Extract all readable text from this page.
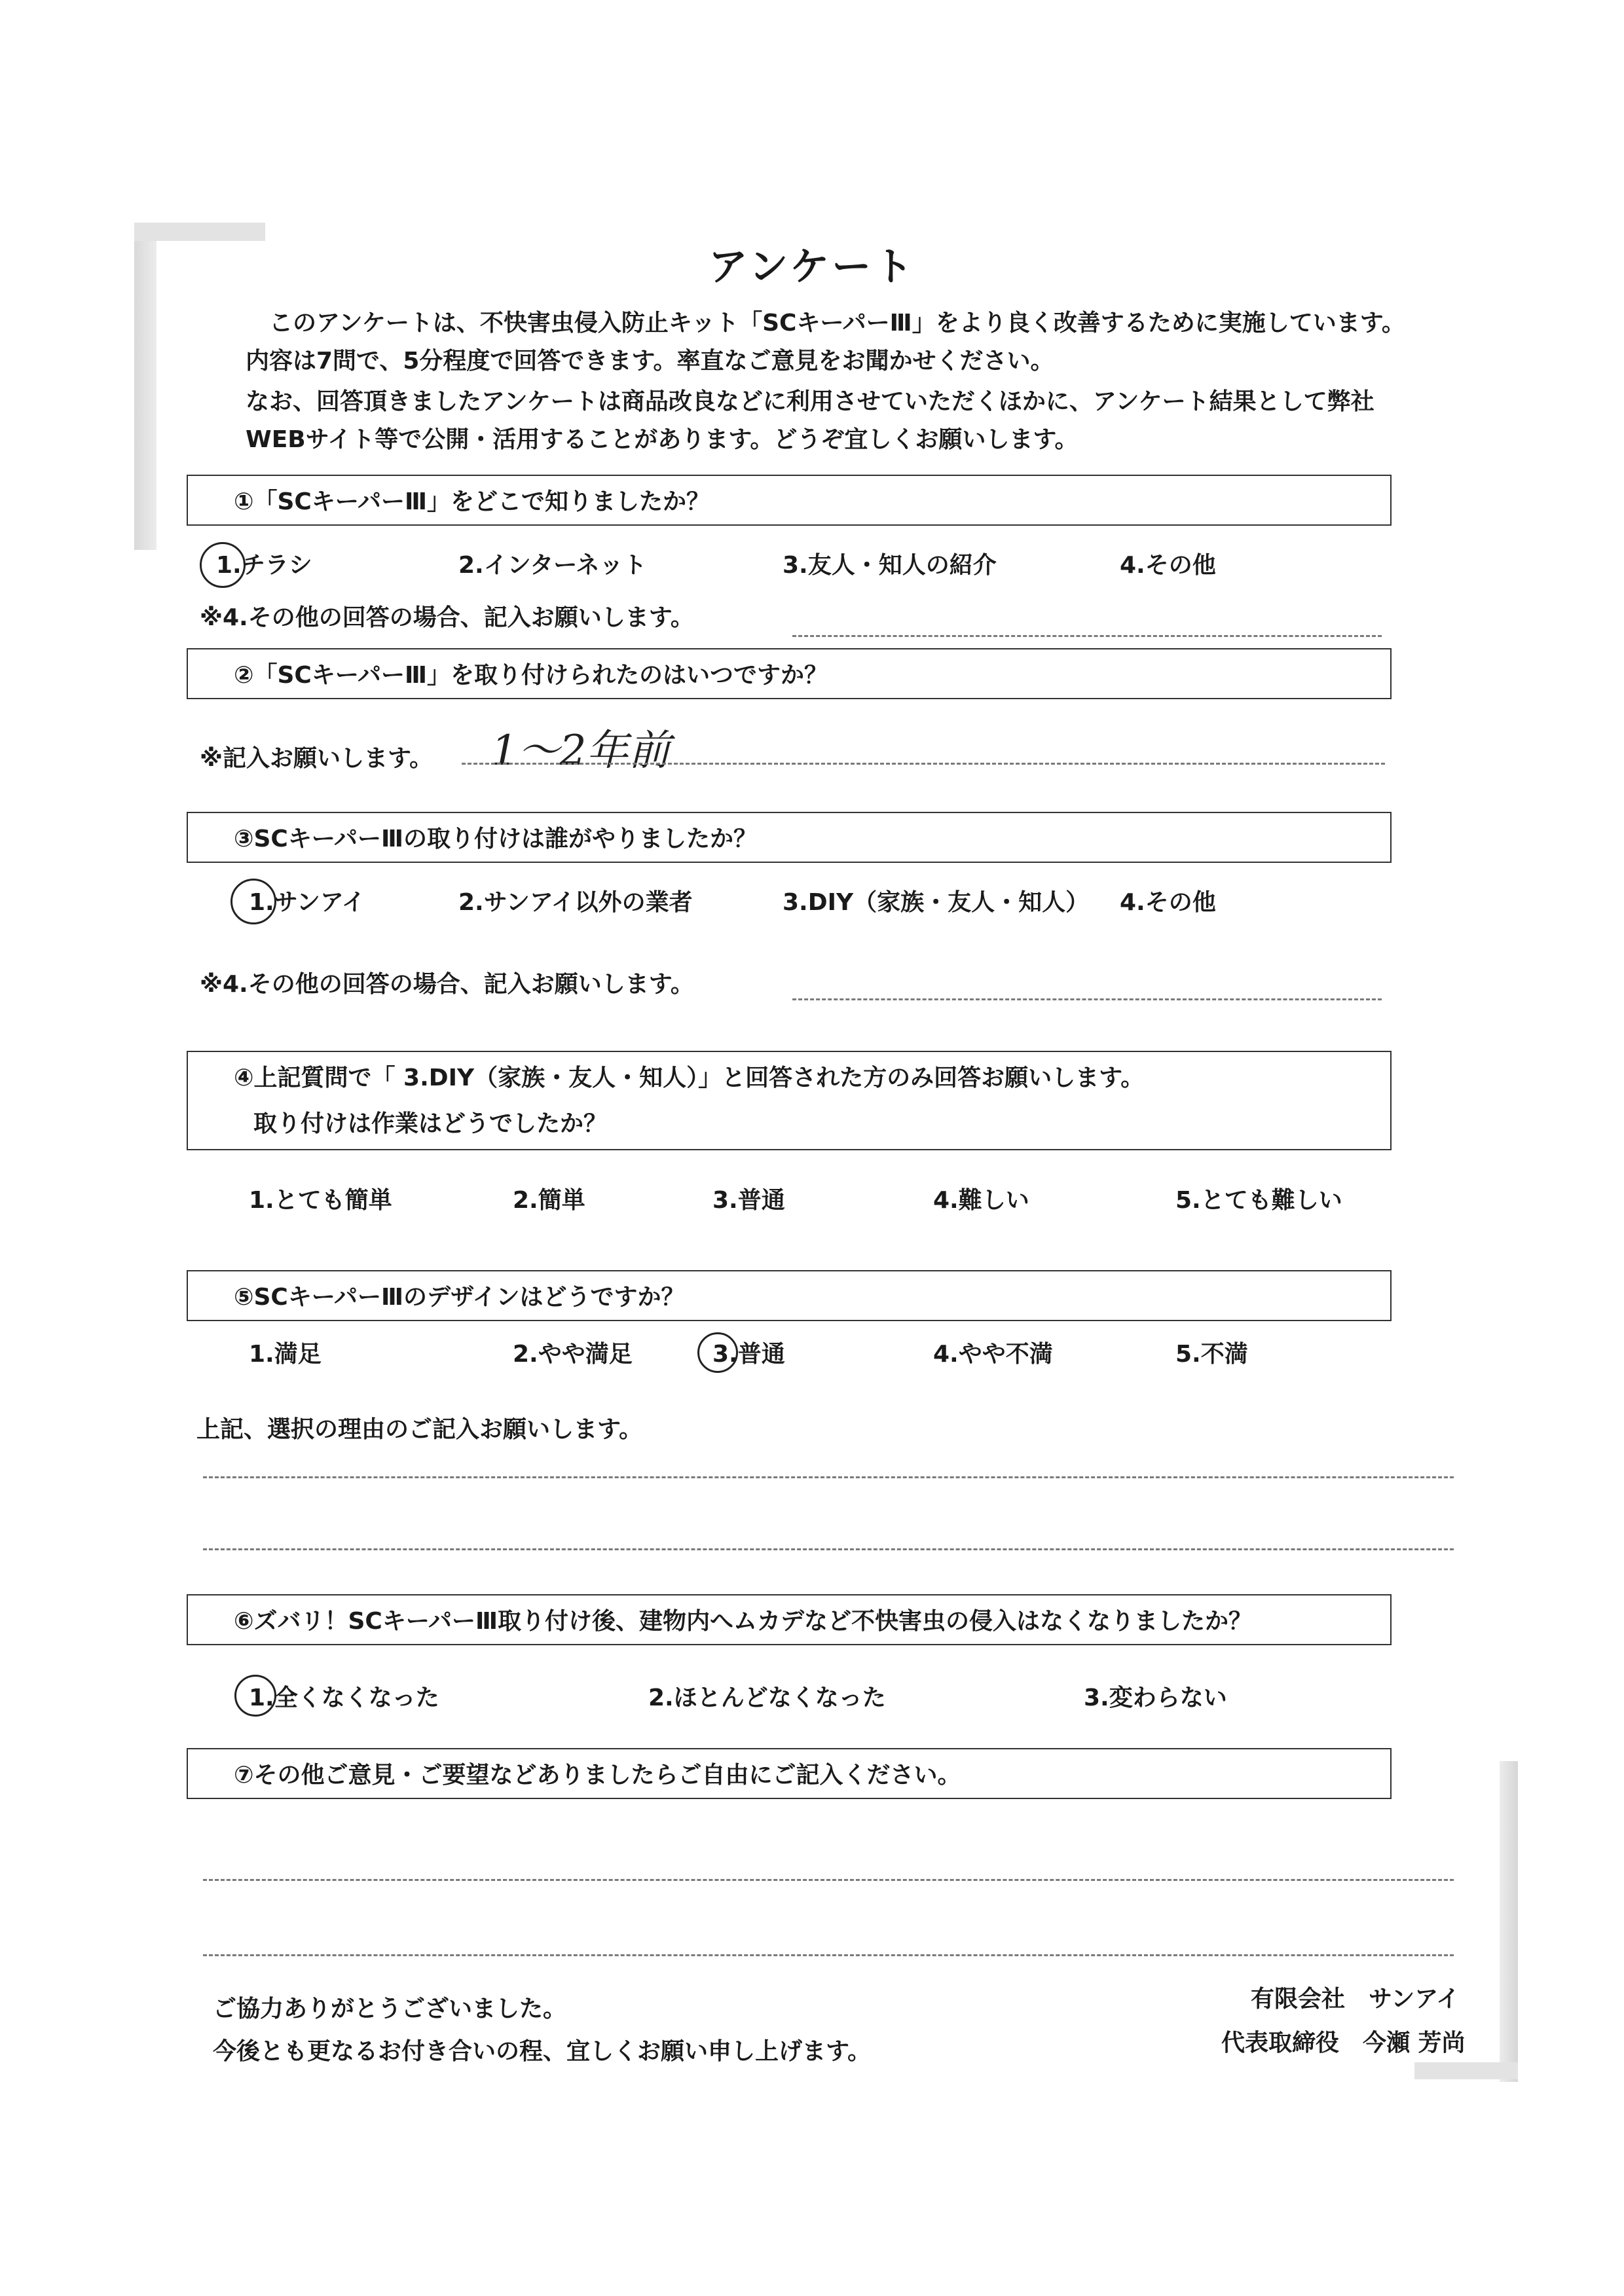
アンケート
このアンケートは、不快害虫侵入防止キット「SCキーパーⅢ」をより良く改善するために実施しています。内容は7問で、5分程度で回答できます。率直なご意見をお聞かせください。
なお、回答頂きましたアンケートは商品改良などに利用させていただくほかに、アンケート結果として弊社WEBサイト等で公開・活用することがあります。どうぞ宜しくお願いします。
①「SCキーパーⅢ」をどこで知りましたか？
1.チラシ	2.インターネット	3.友人・知人の紹介	4.その他
※4.その他の回答の場合、記入お願いします。
②「SCキーパーⅢ」を取り付けられたのはいつですか？
※記入お願いします。 1〜2年前
③SCキーパーⅢの取り付けは誰がやりましたか？
1.サンアイ	2.サンアイ以外の業者	3.DIY（家族・友人・知人） 4.その他
※4.その他の回答の場合、記入お願いします。
④上記質問で「 3.DIY（家族・友人・知人）」と回答された方のみ回答お願いします。
取り付けは作業はどうでしたか？
1.とても簡単	2.簡単	3.普通	4.難しい	5.とても難しい
⑤SCキーパーⅢのデザインはどうですか？
1.満足	2.やや満足	3.普通	4.やや不満	5.不満
上記、選択の理由のご記入お願いします。
⑥ズバリ！SCキーパーⅢ取り付け後、建物内へムカデなど不快害虫の侵入はなくなりましたか？
1.全くなくなった	2.ほとんどなくなった	3.変わらない
⑦その他ご意見・ご要望などありましたらご自由にご記入ください。
ご協力ありがとうございました。
今後とも更なるお付き合いの程、宜しくお願い申し上げます。
有限会社　サンアイ
代表取締役　今瀬 芳尚
